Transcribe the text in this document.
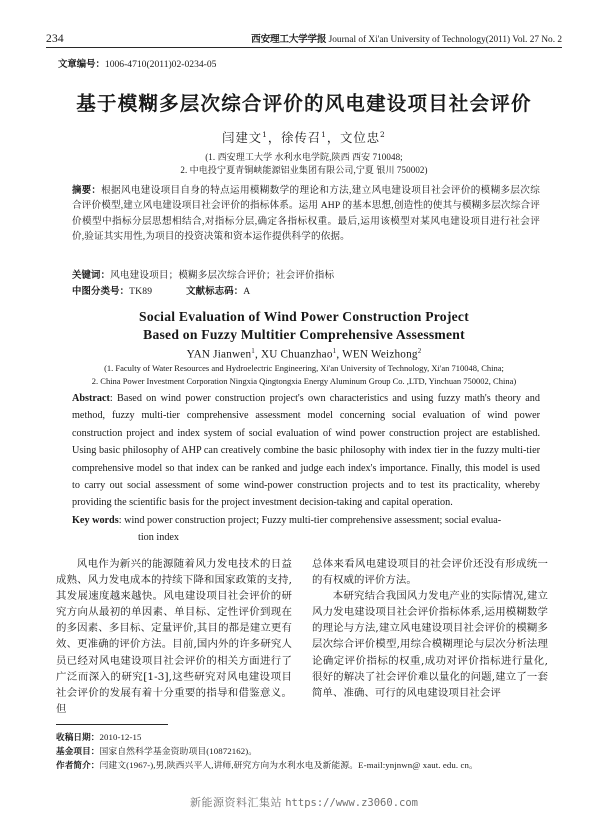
234	西安理工大学学报 Journal of Xi'an University of Technology(2011) Vol. 27 No. 2
文章编号：1006-4710(2011)02-0234-05
基于模糊多层次综合评价的风电建设项目社会评价
闫建文$^1$，徐传召$^1$，文位忠$^2$
(1. 西安理工大学 水利水电学院,陕西 西安 710048;
2. 中电投宁夏青铜峡能源铝业集团有限公司,宁夏 银川 750002)
摘要：根据风电建设项目自身的特点运用模糊数学的理论和方法,建立风电建设项目社会评价的模糊多层次综合评价模型,建立风电建设项目社会评价的指标体系。运用 AHP 的基本思想,创造性的使其与模糊多层次综合评价模型中指标分层思想相结合,对指标分层,确定各指标权重。最后,运用该模型对某风电建设项目进行社会评价,验证其实用性,为项目的投资决策和资本运作提供科学的依据。
关键词：风电建设项目；模糊多层次综合评价；社会评价指标
中图分类号：TK89	文献标志码：A
Social Evaluation of Wind Power Construction Project
Based on Fuzzy Multitier Comprehensive Assessment
YAN Jianwen$^1$, XU Chuanzhao$^1$, WEN Weizhong$^2$
(1. Faculty of Water Resources and Hydroelectric Engineering, Xi'an University of Technology, Xi'an 710048, China;
2. China Power Investment Corporation Ningxia Qingtongxia Energy Aluminum Group Co. ,LTD, Yinchuan 750002, China)
Abstract: Based on wind power construction project's own characteristics and using fuzzy math's theory and method, fuzzy multi-tier comprehensive assessment model concerning social evaluation of wind power construction project and index system of social evaluation of wind power construction project are established. Using basic philosophy of AHP can creatively combine the basic philosophy with index tier in the fuzzy multi-tier comprehensive model so that index can be ranked and judge each index's importance. Finally, this model is used to carry out social assessment of some wind-power construction projects and to test its practicality, whereby providing the scientific basis for the project investment decision-taking and capital operation.
Key words: wind power construction project; Fuzzy multi-tier comprehensive assessment; social evalua-
tion index

风电作为新兴的能源随着风力发电技术的日益成熟、风力发电成本的持续下降和国家政策的支持,其发展速度越来越快。风电建设项目社会评价的研究方向从最初的单因素、单目标、定性评价到现在的多因素、多目标、定量评价,其目的都是建立更有效、更准确的评价方法。目前,国内外的许多研究人员已经对风电建设项目社会评价的相关方面进行了广泛而深入的研究[1-3],这些研究对风电建设项目社会评价的发展有着十分重要的指导和借鉴意义。但

总体来看风电建设项目的社会评价还没有形成统一的有权威的评价方法。

本研究结合我国风力发电产业的实际情况,建立风力发电建设项目社会评价指标体系,运用模糊数学的理论与方法,建立风电建设项目社会评价的模糊多层次综合评价模型,用综合模糊理论与层次分析法理论确定评价指标的权重,成功对评价指标进行量化,很好的解决了社会评价难以量化的问题,建立了一套简单、准确、可行的风电建设项目社会评

收稿日期：2010-12-15
基金项目：国家自然科学基金资助项目(10872162)。
作者简介：闫建文(1967-),男,陕西兴平人,讲师,研究方向为水利水电及新能源。E-mail:ynjnwn@ xaut. edu. cn。
新能源资料汇集站 https://www.z3060.com
